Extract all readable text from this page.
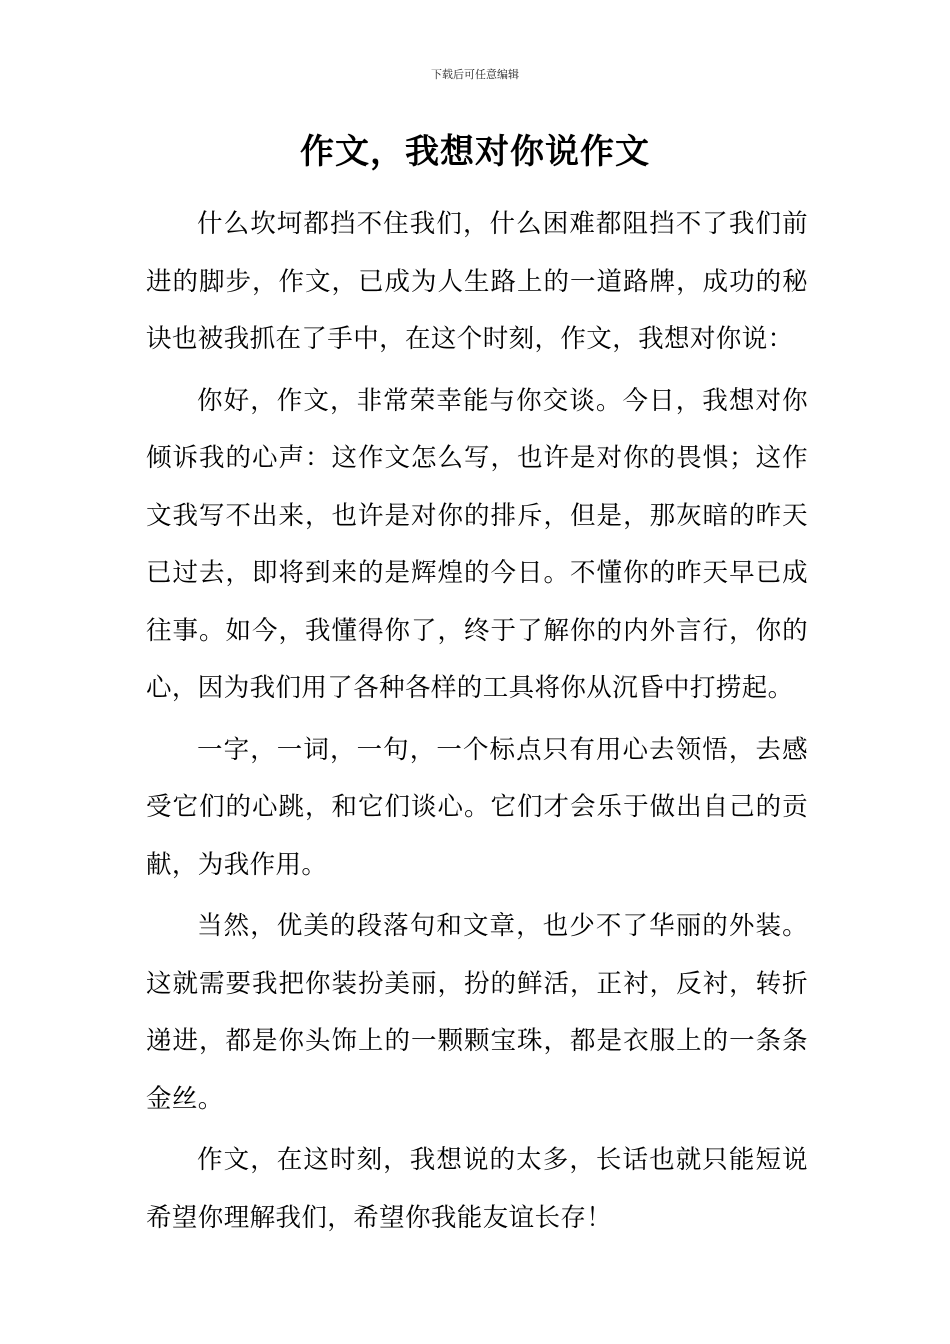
下载后可任意编辑
作文，我想对你说作文

什么坎坷都挡不住我们，什么困难都阻挡不了我们前进的脚步，作文，已成为人生路上的一道路牌，成功的秘诀也被我抓在了手中，在这个时刻，作文，我想对你说：

你好，作文，非常荣幸能与你交谈。今日，我想对你倾诉我的心声：这作文怎么写，也许是对你的畏惧；这作文我写不出来，也许是对你的排斥，但是，那灰暗的昨天已过去，即将到来的是辉煌的今日。不懂你的昨天早已成往事。如今，我懂得你了，终于了解你的内外言行，你的心，因为我们用了各种各样的工具将你从沉昏中打捞起。

一字，一词，一句，一个标点只有用心去领悟，去感受它们的心跳，和它们谈心。它们才会乐于做出自己的贡献，为我作用。

当然，优美的段落句和文章，也少不了华丽的外装。这就需要我把你装扮美丽，扮的鲜活，正衬，反衬，转折递进，都是你头饰上的一颗颗宝珠，都是衣服上的一条条金丝。

作文，在这时刻，我想说的太多，长话也就只能短说希望你理解我们，希望你我能友谊长存！
